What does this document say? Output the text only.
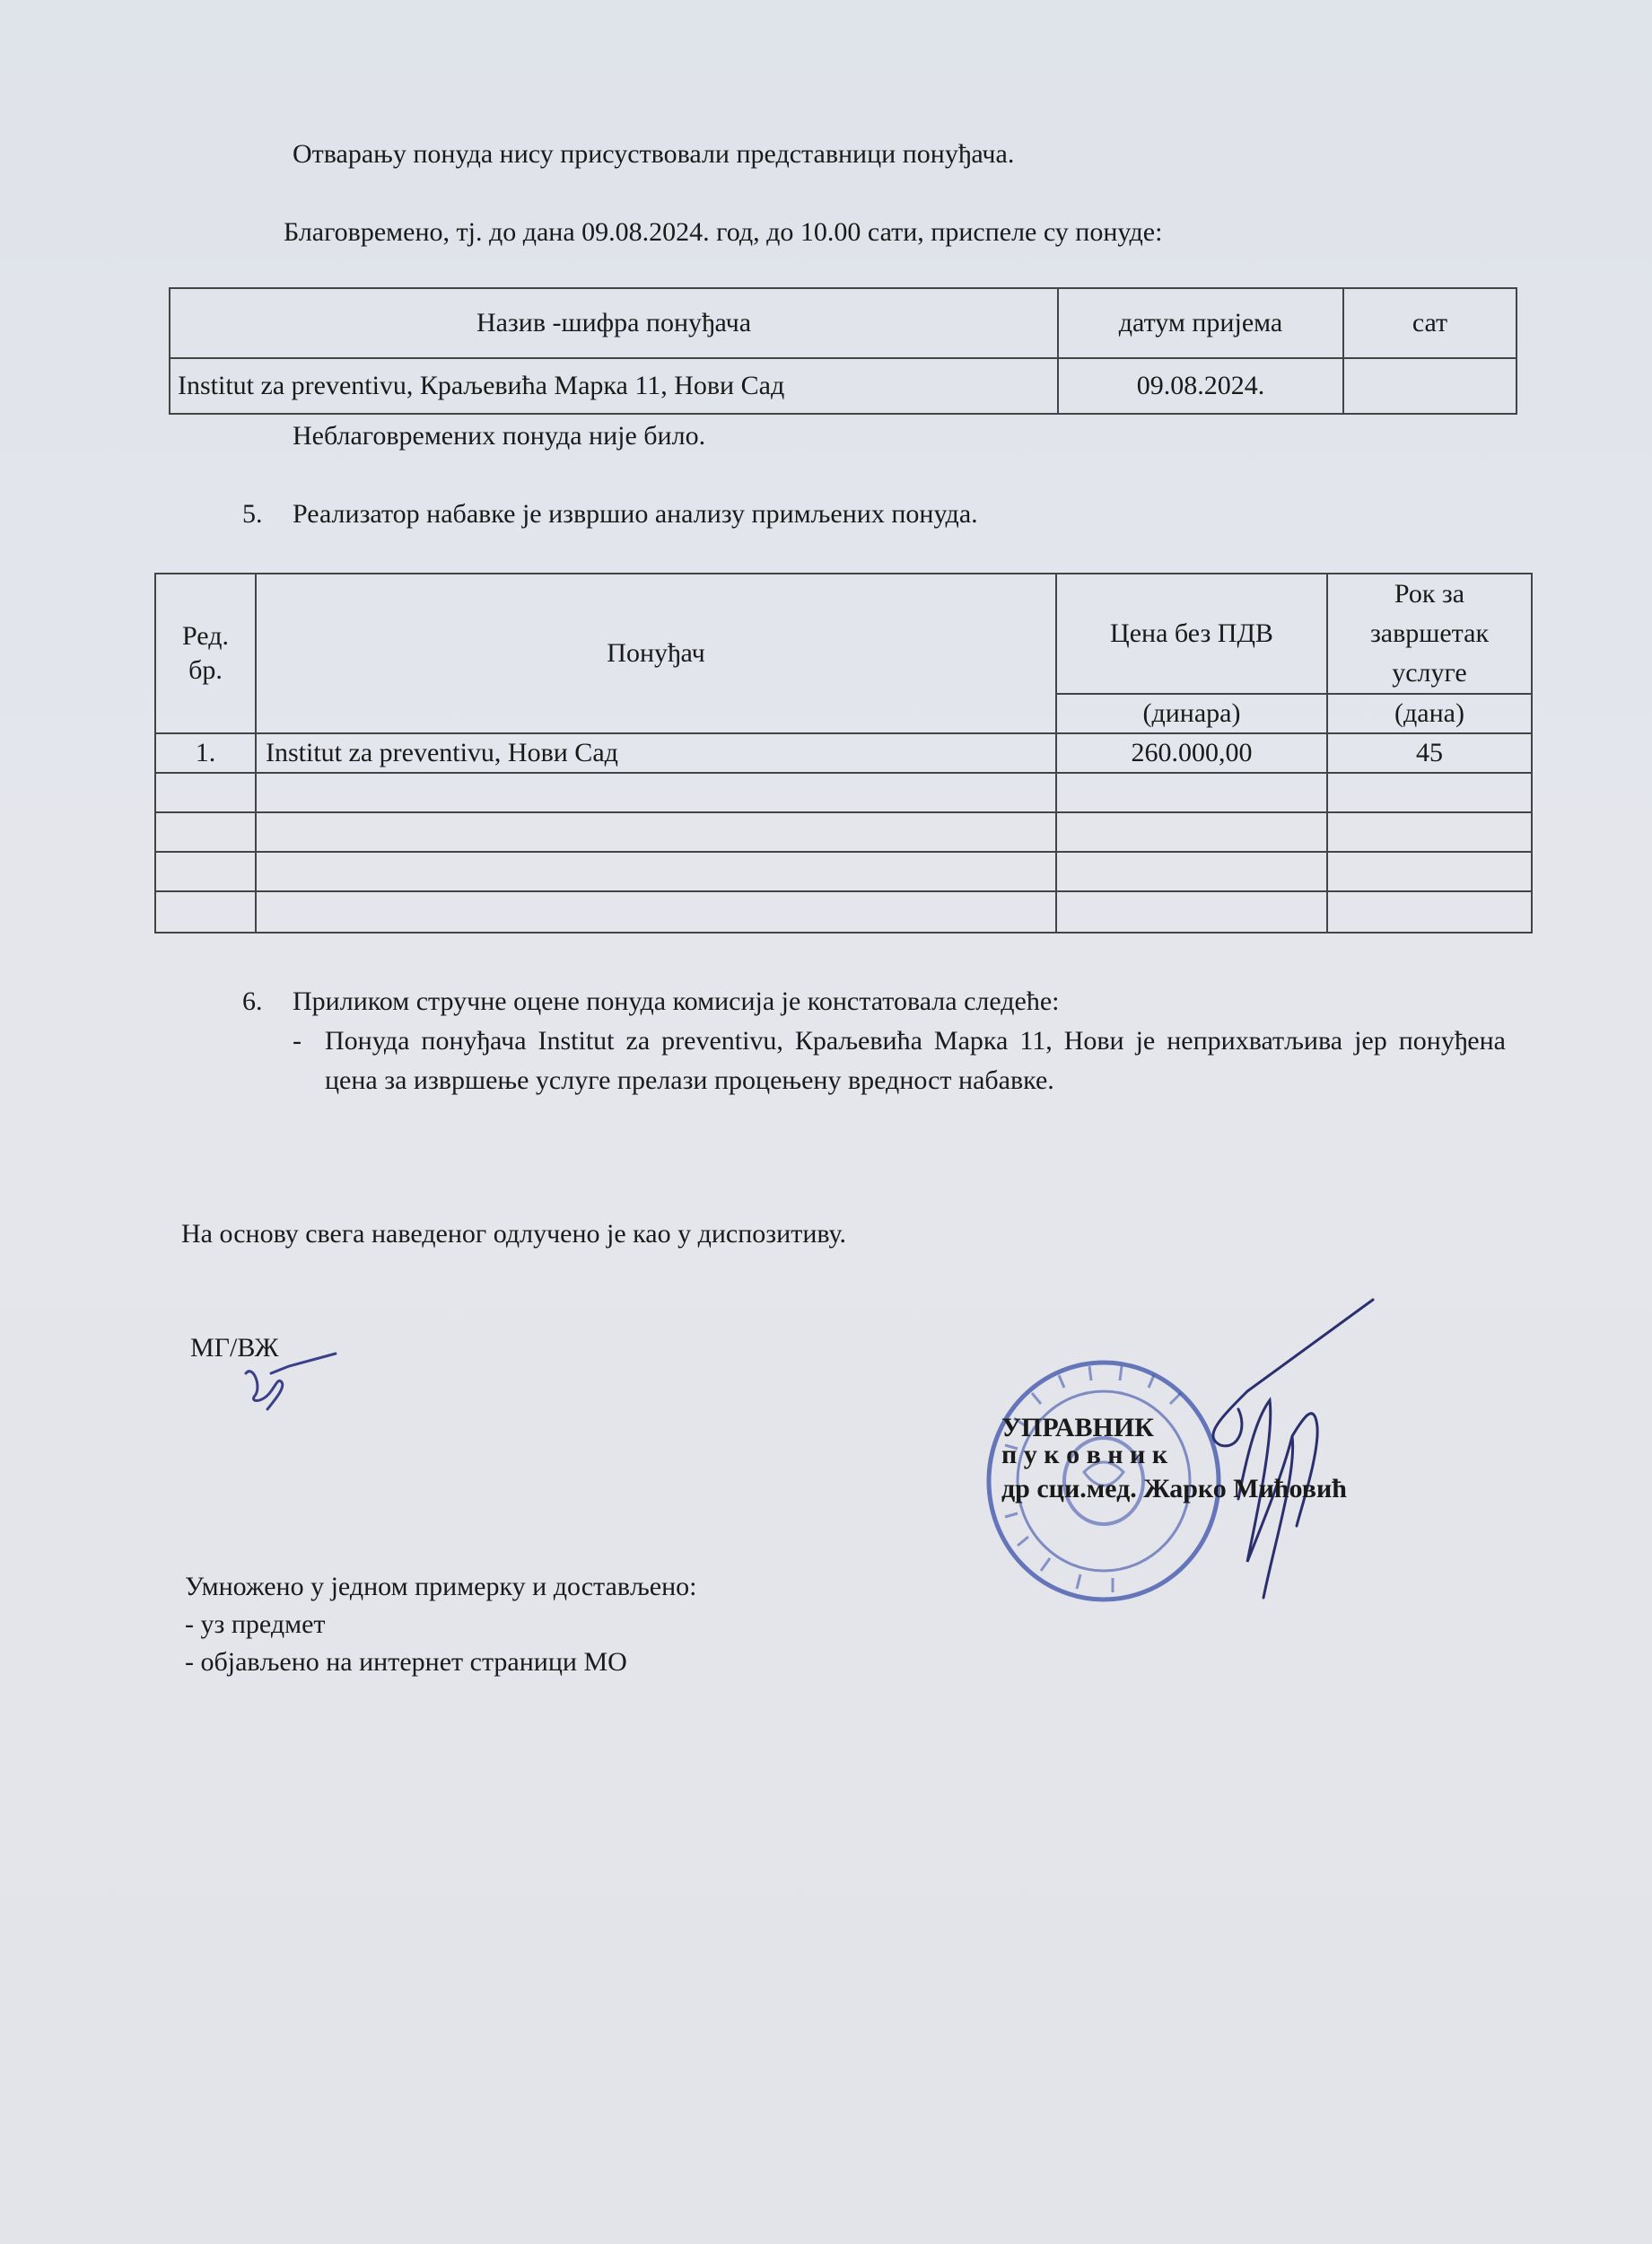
Отварању понуда нису присуствовали представници понуђача.
Благовремено, тј. до дана 09.08.2024. год, до 10.00 сати, приспеле су понуде:
Назив -шифра понуђача	датум пријема	сат
Institut za preventivu, Краљевића Марка 11, Нови Сад	09.08.2024.	
Неблаговремених понуда није било.
5. Реализатор набавке је извршио анализу примљених понуда.
Ред. бр.	Понуђач	Цена без ПДВ	Рок за завршетак услуге
		(динара)	(дана)
1.	Institut za preventivu, Нови Сад	260.000,00	45

6. Приликом стручне оцене понуда комисија је констатовала следеће:
- Понуда понуђача Institut za preventivu, Краљевића Марка 11, Нови је неприхватљива јер понуђена цена за извршење услуге прелази процењену вредност набавке.
На основу свега наведеног одлучено је као у диспозитиву.
МГ/ВЖ
УПРАВНИК
п у к о в н и к
др сци.мед. Жарко Мићовић
Умножено у једном примерку и достављено:
- уз предмет
- објављено на интернет страници МО
